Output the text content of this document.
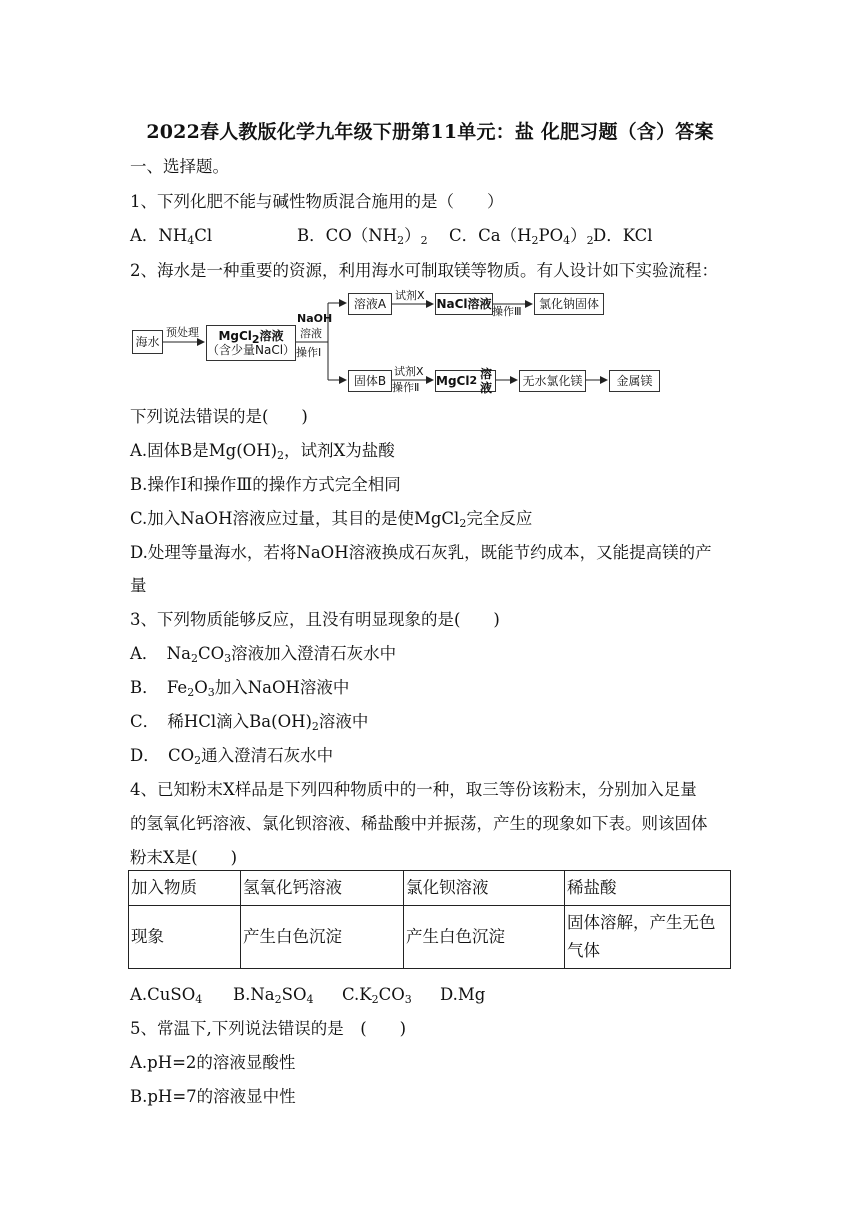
2022春人教版化学九年级下册第11单元：盐 化肥习题（含）答案
一、选择题。
1、下列化肥不能与碱性物质混合施用的是（　　）
A．$NH_4Cl$	B．$CO(NH_2)_2$ C．$Ca(H_2PO_4)_2$ D．KCl
2、海水是一种重要的资源，利用海水可制取镁等物质。有人设计如下实验流程：
海水
预处理 MgCl$_2$溶液
（含少量NaCl）
NaOH
溶液
操作Ⅰ
溶液A
试剂X
NaCl溶液
操作Ⅲ
氯化钠固体
固体B
试剂X
操作Ⅱ MgCl 2 溶液	无水氯化镁	金属镁
下列说法错误的是(　　)
A.固体B是$Mg(OH)_2$，试剂X为盐酸
B.操作Ⅰ和操作Ⅲ的操作方式完全相同
C.加入NaOH溶液应过量，其目的是使MgCl$_2$完全反应
D.处理等量海水，若将NaOH溶液换成石灰乳，既能节约成本，又能提高镁的产
量
3、下列物质能够反应，且没有明显现象的是(　　)
A．　$Na_2CO_3$溶液加入澄清石灰水中
B．　$Fe_2O_3$加入NaOH溶液中
C．　稀HCl滴入$Ba(OH)_2$溶液中
D．　$CO_2$通入澄清石灰水中
4、已知粉末X样品是下列四种物质中的一种，取三等份该粉末，分别加入足量
的氢氧化钙溶液、氯化钡溶液、稀盐酸中并振荡，产生的现象如下表。则该固体
粉末X是(　　)
加入物质	氢氧化钙溶液	氯化钡溶液	稀盐酸
现象	产生白色沉淀	产生白色沉淀	固体溶解，产生无色
气体
A.CuSO$_4$ $B.Na_2SO_4$ $C.K_2CO_3$ D.Mg
5、常温下,下列说法错误的是　(　　)
A.pH=2的溶液显酸性
B.pH=7的溶液显中性
